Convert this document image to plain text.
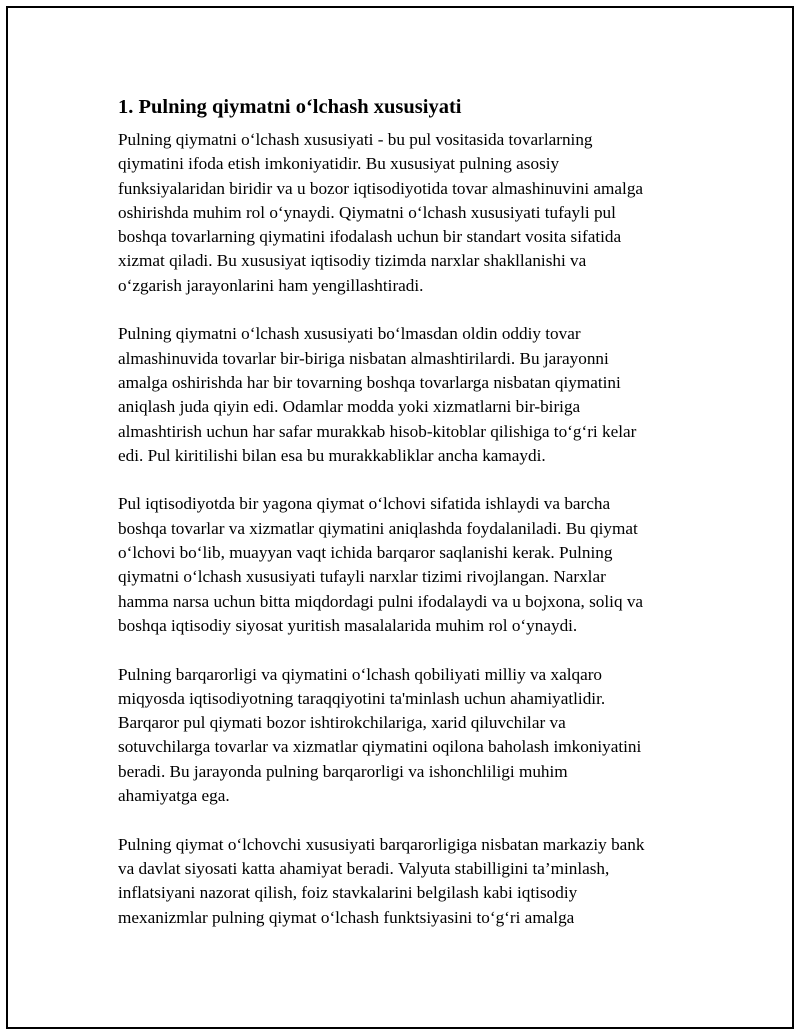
1. Pulning qiymatni o‘lchash xususiyati

Pulning qiymatni o‘lchash xususiyati - bu pul vositasida tovarlarning
qiymatini ifoda etish imkoniyatidir. Bu xususiyat pulning asosiy
funksiyalaridan biridir va u bozor iqtisodiyotida tovar almashinuvini amalga
oshirishda muhim rol o‘ynaydi. Qiymatni o‘lchash xususiyati tufayli pul
boshqa tovarlarning qiymatini ifodalash uchun bir standart vosita sifatida
xizmat qiladi. Bu xususiyat iqtisodiy tizimda narxlar shakllanishi va
o‘zgarish jarayonlarini ham yengillashtiradi.

Pulning qiymatni o‘lchash xususiyati bo‘lmasdan oldin oddiy tovar
almashinuvida tovarlar bir-biriga nisbatan almashtirilardi. Bu jarayonni
amalga oshirishda har bir tovarning boshqa tovarlarga nisbatan qiymatini
aniqlash juda qiyin edi. Odamlar modda yoki xizmatlarni bir-biriga
almashtirish uchun har safar murakkab hisob-kitoblar qilishiga to‘g‘ri kelar
edi. Pul kiritilishi bilan esa bu murakkabliklar ancha kamaydi.

Pul iqtisodiyotda bir yagona qiymat o‘lchovi sifatida ishlaydi va barcha
boshqa tovarlar va xizmatlar qiymatini aniqlashda foydalaniladi. Bu qiymat
o‘lchovi bo‘lib, muayyan vaqt ichida barqaror saqlanishi kerak. Pulning
qiymatni o‘lchash xususiyati tufayli narxlar tizimi rivojlangan. Narxlar
hamma narsa uchun bitta miqdordagi pulni ifodalaydi va u bojxona, soliq va
boshqa iqtisodiy siyosat yuritish masalalarida muhim rol o‘ynaydi.

Pulning barqarorligi va qiymatini o‘lchash qobiliyati milliy va xalqaro
miqyosda iqtisodiyotning taraqqiyotini ta'minlash uchun ahamiyatlidir.
Barqaror pul qiymati bozor ishtirokchilariga, xarid qiluvchilar va
sotuvchilarga tovarlar va xizmatlar qiymatini oqilona baholash imkoniyatini
beradi. Bu jarayonda pulning barqarorligi va ishonchliligi muhim
ahamiyatga ega.

Pulning qiymat o‘lchovchi xususiyati barqarorligiga nisbatan markaziy bank
va davlat siyosati katta ahamiyat beradi. Valyuta stabilligini ta’minlash,
inflatsiyani nazorat qilish, foiz stavkalarini belgilash kabi iqtisodiy
mexanizmlar pulning qiymat o‘lchash funktsiyasini to‘g‘ri amalga
